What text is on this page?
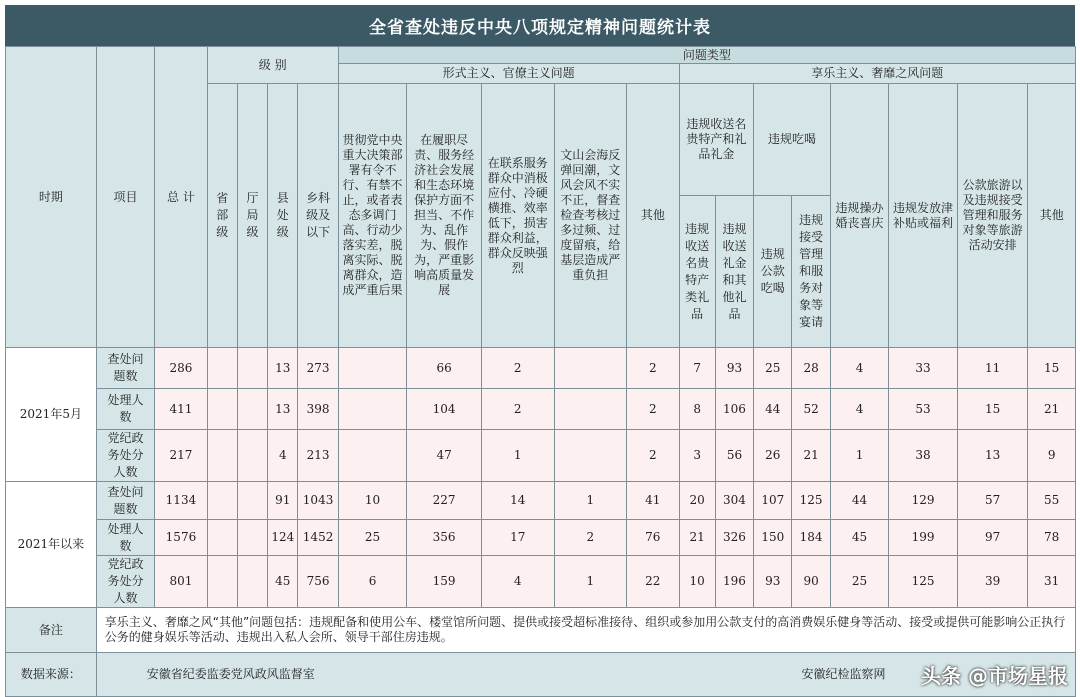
全省查处违反中央八项规定精神问题统计表
时期	项目	总 计	级 别				问题类型												
							形式主义、官僚主义问题					享乐主义、奢靡之风问题							
			省部级	厅局级	县处级	乡科级及以下	贯彻党中央重大决策部署有令不行、有禁不止，或者表态多调门高、行动少落实差，脱离实际、脱离群众，造成严重后果	在履职尽责、服务经济社会发展和生态环境保护方面不担当、不作为、乱作为、假作为，严重影响高质量发展	在联系服务群众中消极应付、冷硬横推、效率低下，损害群众利益，群众反映强烈	文山会海反弹回潮，文风会风不实不正，督查检查考核过多过频、过度留痕，给基层造成严重负担	其他	违规收送名贵特产和礼品礼金		违规吃喝		违规操办婚丧喜庆	违规发放津补贴或福利	公款旅游以及违规接受管理和服务对象等旅游活动安排	其他
												违规收送名贵特产类礼品	违规收送礼金和其他礼品	违规公款吃喝	违规接受管理和服务对象等宴请				

2021年5月	查处问题数	286			13	273		66	2		2	7	93	25	28	4	33	11	15
	处理人数	411			13	398		104	2		2	8	106	44	52	4	53	15	21
	党纪政务处分人数	217			4	213		47	1		2	3	56	26	21	1	38	13	9
2021年以来	查处问题数	1134			91	1043	10	227	14	1	41	20	304	107	125	44	129	57	55
	处理人数	1576			124	1452	25	356	17	2	76	21	326	150	184	45	199	97	78
	党纪政务处分人数	801			45	756	6	159	4	1	22	10	196	93	90	25	125	39	31
备注	享乐主义、奢靡之风“其他”问题包括：违规配备和使用公车、楼堂馆所问题、提供或接受超标准接待、组织或参加用公款支付的高消费娱乐健身等活动、接受或提供可能影响公正执行公务的健身娱乐等活动、违规出入私人会所、领导干部住房违规。																		
数据来源：	安徽省纪委监委党风政风监督室 安徽纪检监察网																		头条 @市场星报
